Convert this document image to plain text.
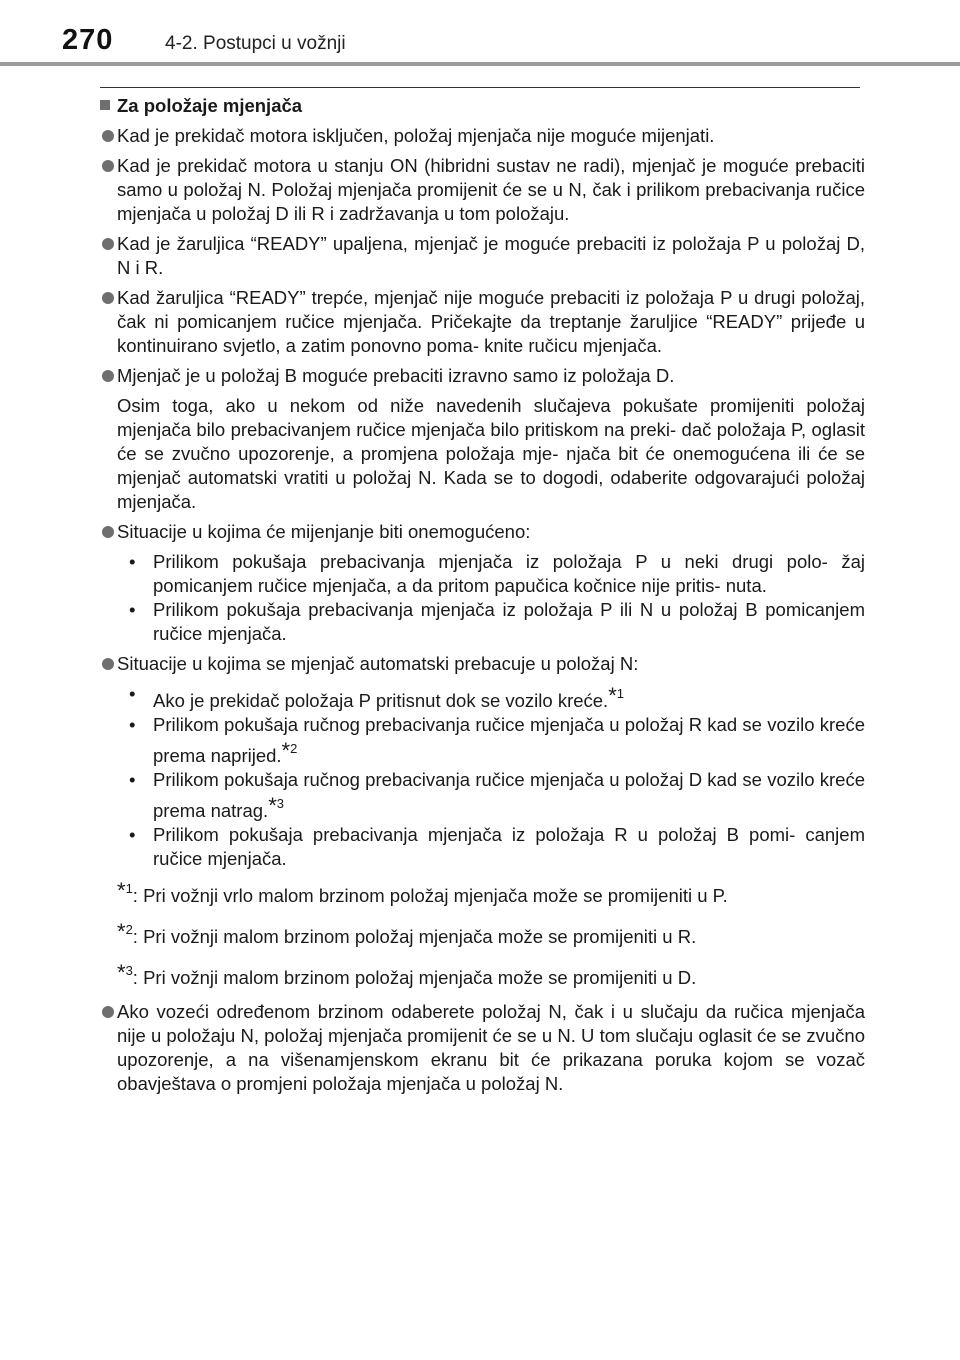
270	4-2. Postupci u vožnji
Za položaje mjenjača
Kad je prekidač motora isključen, položaj mjenjača nije moguće mijenjati.
Kad je prekidač motora u stanju ON (hibridni sustav ne radi), mjenjač je moguće prebaciti samo u položaj N. Položaj mjenjača promijenit će se u N, čak i prilikom prebacivanja ručice mjenjača u položaj D ili R i zadržavanja u tom položaju.
Kad je žaruljica “READY” upaljena, mjenjač je moguće prebaciti iz položaja P u položaj D, N i R.
Kad žaruljica “READY” trepće, mjenjač nije moguće prebaciti iz položaja P u drugi položaj, čak ni pomicanjem ručice mjenjača. Pričekajte da treptanje žaruljice “READY” prijeđe u kontinuirano svjetlo, a zatim ponovno poma- knite ručicu mjenjača.
Mjenjač je u položaj B moguće prebaciti izravno samo iz položaja D.
Osim toga, ako u nekom od niže navedenih slučajeva pokušate promijeniti položaj mjenjača bilo prebacivanjem ručice mjenjača bilo pritiskom na preki- dač položaja P, oglasit će se zvučno upozorenje, a promjena položaja mje- njača bit će onemogućena ili će se mjenjač automatski vratiti u položaj N. Kada se to dogodi, odaberite odgovarajući položaj mjenjača.
Situacije u kojima će mijenjanje biti onemogućeno:
• Prilikom pokušaja prebacivanja mjenjača iz položaja P u neki drugi polo- žaj pomicanjem ručice mjenjača, a da pritom papučica kočnice nije pritis- nuta.
• Prilikom pokušaja prebacivanja mjenjača iz položaja P ili N u položaj B pomicanjem ručice mjenjača.
Situacije u kojima se mjenjač automatski prebacuje u položaj N:
• Ako je prekidač položaja P pritisnut dok se vozilo kreće.*$^1$
• Prilikom pokušaja ručnog prebacivanja ručice mjenjača u položaj R kad se vozilo kreće prema naprijed.*$^2$
• Prilikom pokušaja ručnog prebacivanja ručice mjenjača u položaj D kad se vozilo kreće prema natrag.*$^3$
• Prilikom pokušaja prebacivanja mjenjača iz položaja R u položaj B pomi- canjem ručice mjenjača.
*$^1$: Pri vožnji vrlo malom brzinom položaj mjenjača može se promijeniti u P.
*$^2$: Pri vožnji malom brzinom položaj mjenjača može se promijeniti u R.
*$^3$: Pri vožnji malom brzinom položaj mjenjača može se promijeniti u D.
Ako vozeći određenom brzinom odaberete položaj N, čak i u slučaju da ručica mjenjača nije u položaju N, položaj mjenjača promijenit će se u N. U tom slučaju oglasit će se zvučno upozorenje, a na višenamjenskom ekranu bit će prikazana poruka kojom se vozač obavještava o promjeni položaja mjenjača u položaj N.
